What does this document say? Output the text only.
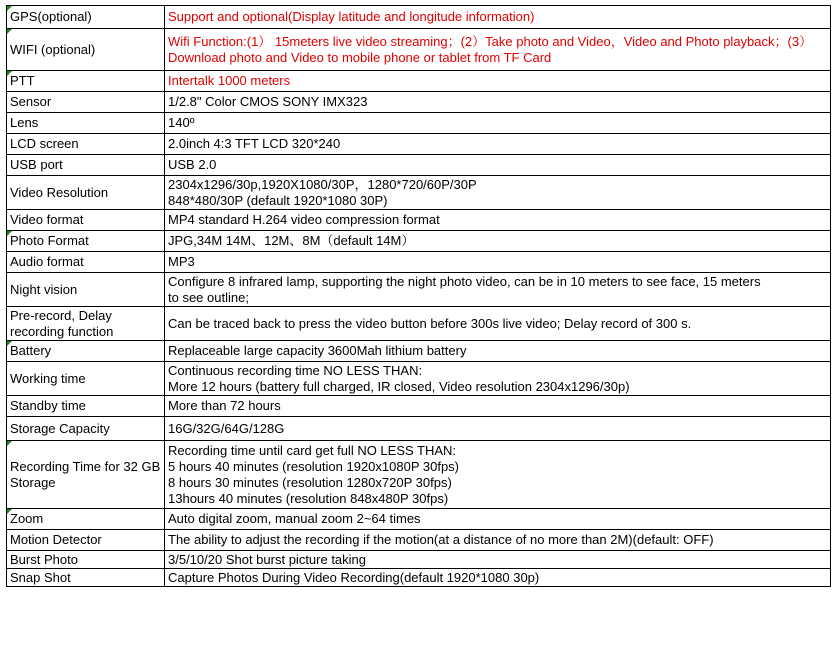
GPS(optional)	Support and optional(Display latitude and longitude information)
WIFI (optional)	Wifi Function:(1） 15meters live video streaming；(2）Take photo and Video，Video and Photo playback；(3）
Download photo and Video to mobile phone or tablet from TF Card
PTT	Intertalk 1000 meters
Sensor	1/2.8" Color CMOS SONY IMX323
Lens	140º
LCD screen	2.0inch 4:3 TFT LCD 320*240
USB port	USB 2.0
Video Resolution	2304x1296/30p,1920X1080/30P，1280*720/60P/30P
848*480/30P (default 1920*1080 30P)
Video format	MP4 standard H.264 video compression format
Photo Format	JPG,34M 14M、12M、8M（default 14M）
Audio format	MP3
Night vision	Configure 8 infrared lamp, supporting the night photo video, can be in 10 meters to see face, 15 meters
to see outline;
Pre-record, Delay
recording function	Can be traced back to press the video button before 300s live video; Delay record of 300 s.
Battery	Replaceable large capacity 3600Mah lithium battery
Working time	Continuous recording time NO LESS THAN:
More 12 hours (battery full charged, IR closed, Video resolution 2304x1296/30p)
Standby time	More than 72 hours
Storage Capacity	16G/32G/64G/128G
Recording Time for 32 GB
Storage	Recording time until card get full NO LESS THAN:
5 hours 40 minutes (resolution 1920x1080P 30fps)
8 hours 30 minutes (resolution 1280x720P 30fps)
13hours 40 minutes (resolution 848x480P 30fps)
Zoom	Auto digital zoom, manual zoom 2~64 times
Motion Detector	The ability to adjust the recording if the motion(at a distance of no more than 2M)(default: OFF)
Burst Photo	3/5/10/20 Shot burst picture taking
Snap Shot	Capture Photos During Video Recording(default 1920*1080 30p)
